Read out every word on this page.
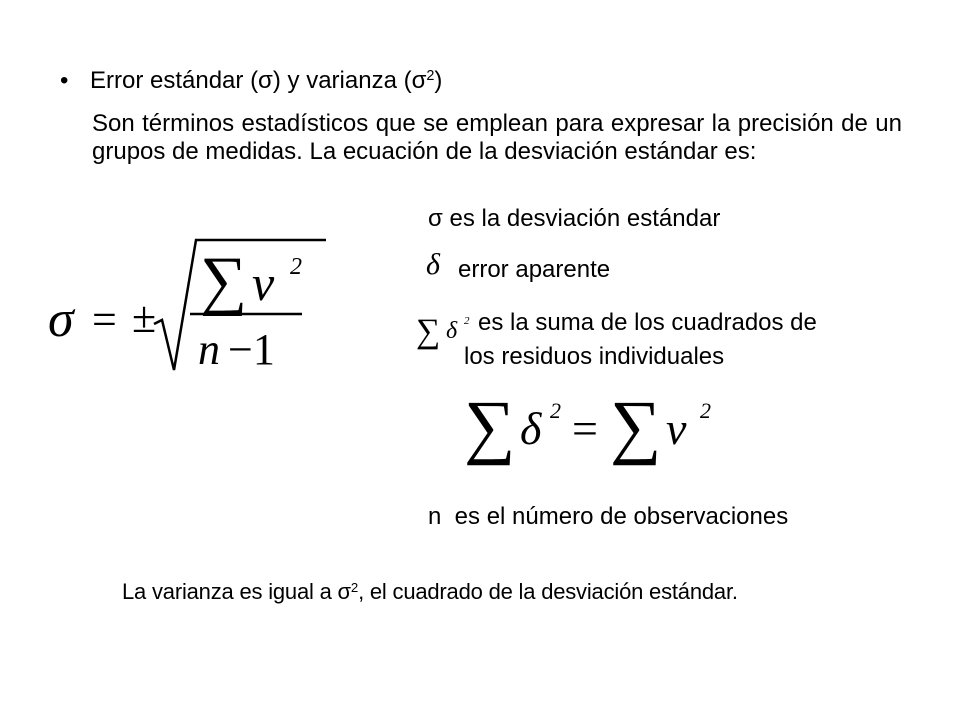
• Error estándar (σ) y varianza $(\sigma^2)$
Son términos estadísticos que se emplean para expresar la precisión de un grupos de medidas. La ecuación de la desviación estándar es:
σ = ±
∑ ν 2
n −1
σ es la desviación estándar
δ error aparente
∑ δ 2 es la suma de los cuadrados de
los residuos individuales
∑ δ 2 = ∑ ν 2
n  es el número de observaciones
La varianza es igual a $\sigma^2$, el cuadrado de la desviación estándar.
